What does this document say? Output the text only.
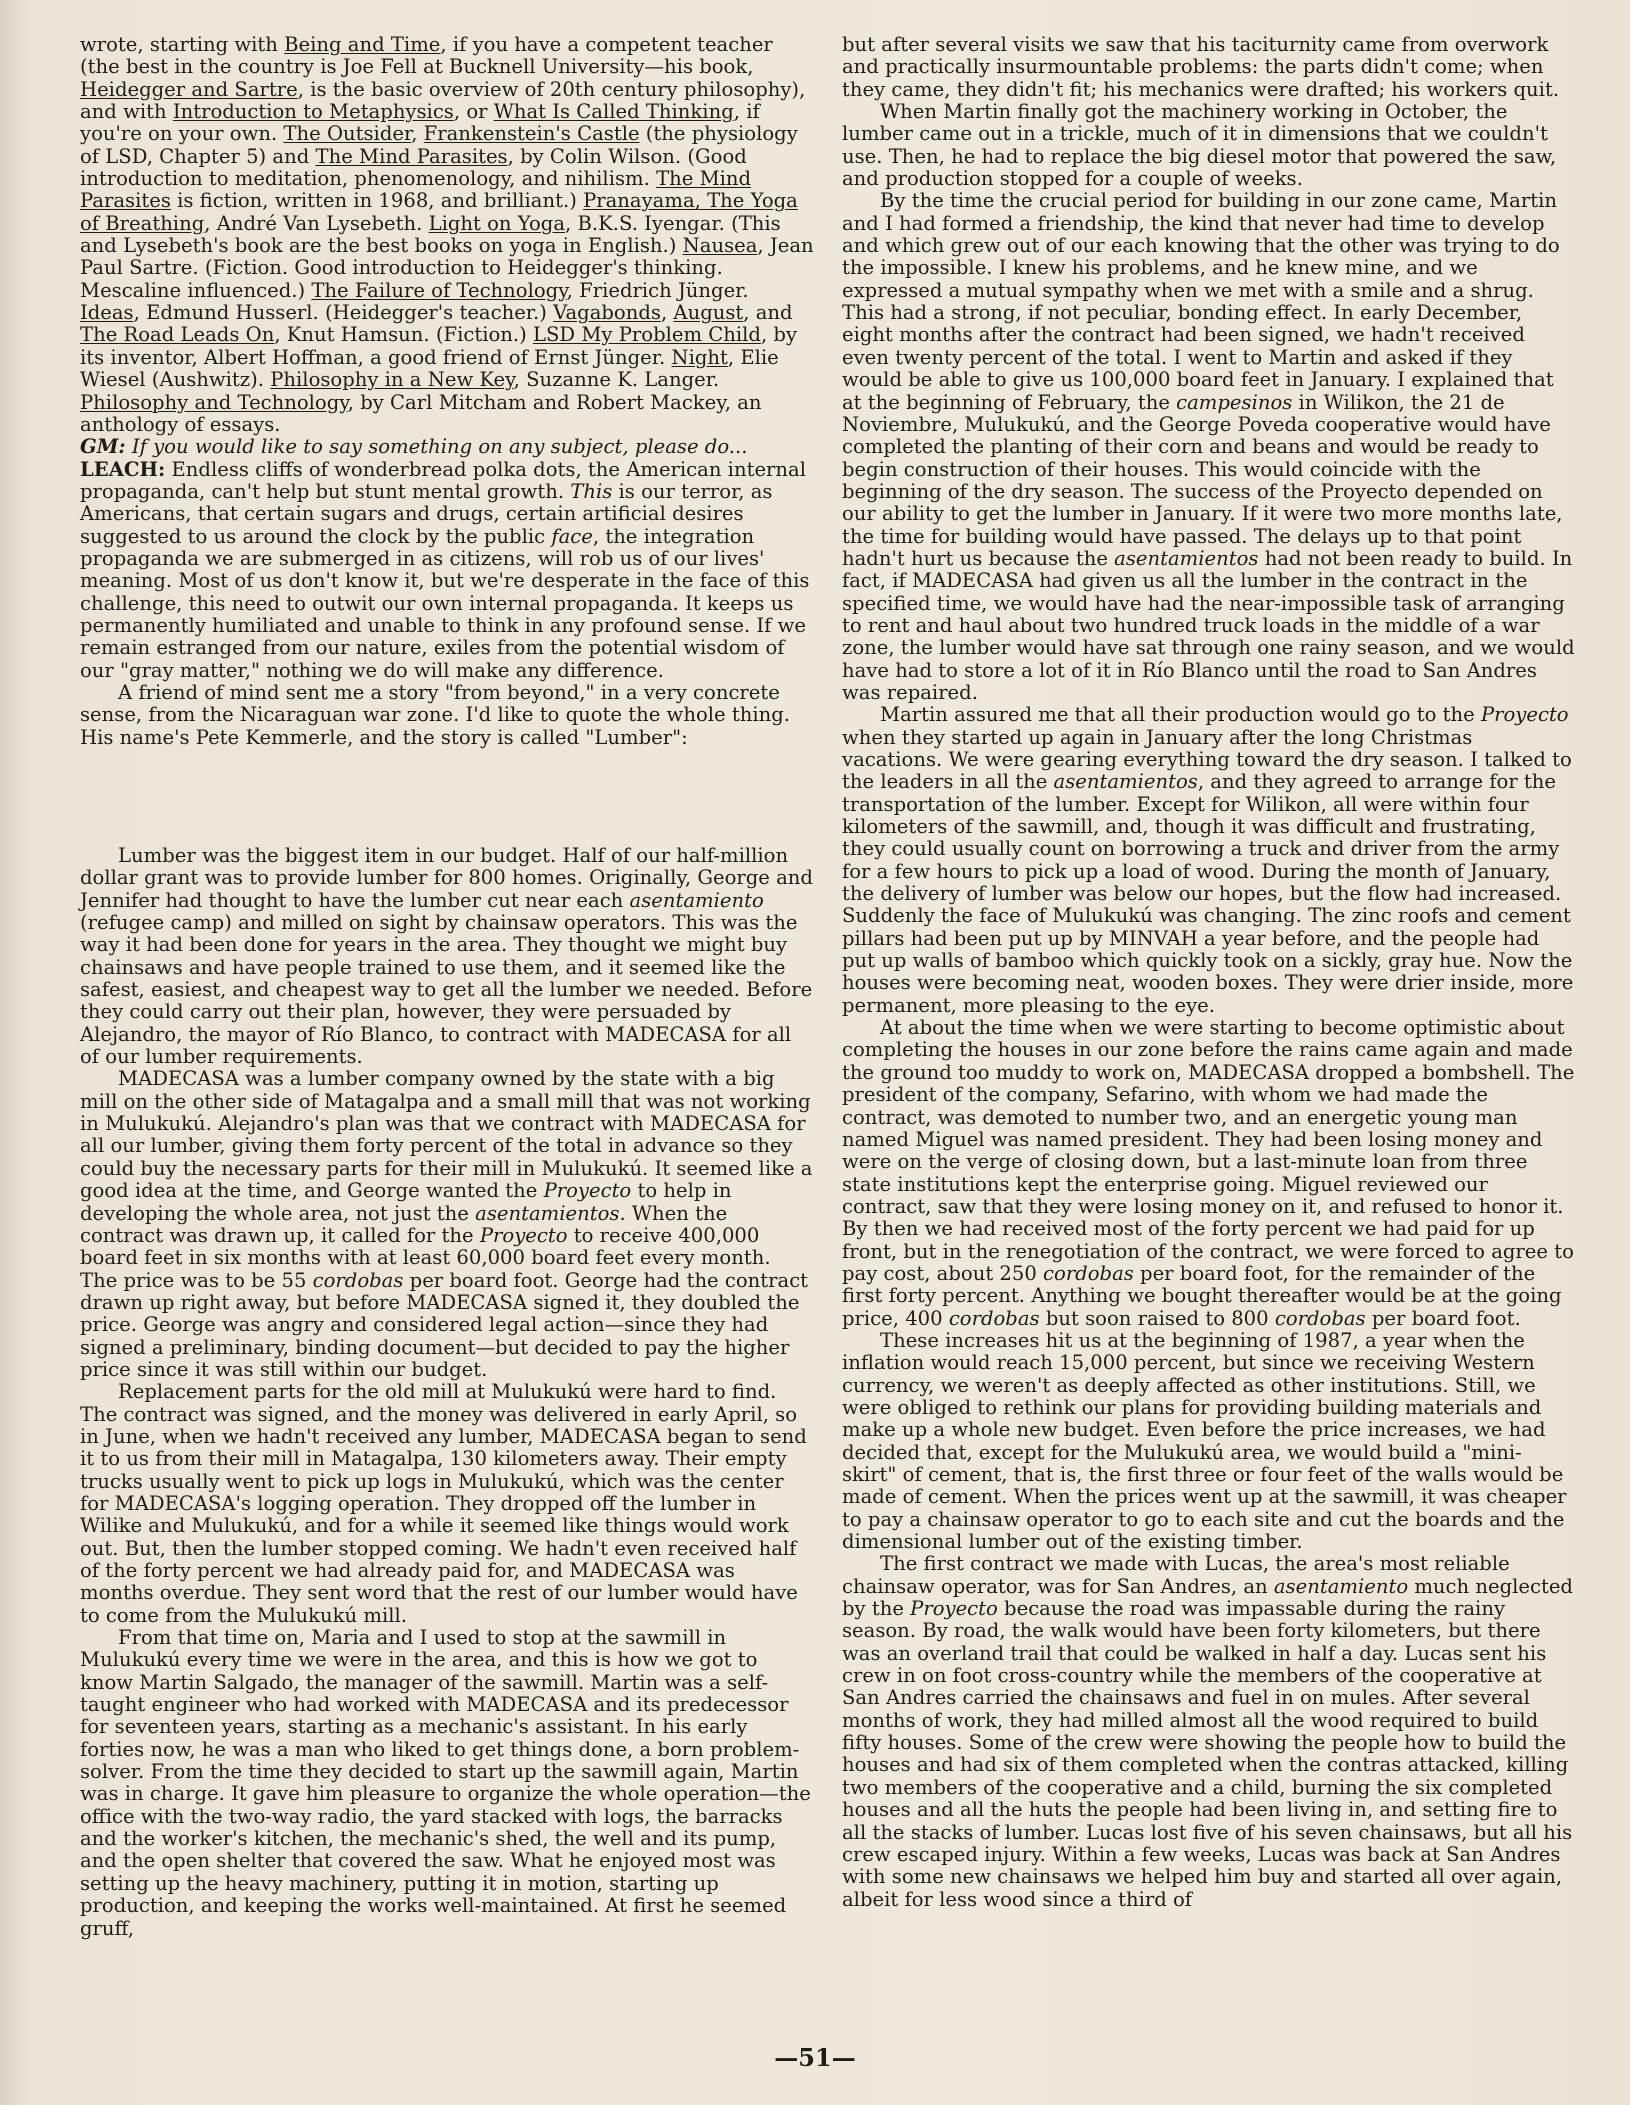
wrote, starting with Being and Time, if you have a competent teacher (the best in the country is Joe Fell at Bucknell University—his book, Heidegger and Sartre, is the basic overview of 20th century philosophy), and with Introduction to Metaphysics, or What Is Called Thinking, if you're on your own. The Outsider, Frankenstein's Castle (the physiology of LSD, Chapter 5) and The Mind Parasites, by Colin Wilson. (Good introduction to meditation, phenomenology, and nihilism. The Mind Parasites is fiction, written in 1968, and brilliant.) Pranayama, The Yoga of Breathing, André Van Lysebeth. Light on Yoga, B.K.S. Iyengar. (This and Lysebeth's book are the best books on yoga in English.) Nausea, Jean Paul Sartre. (Fiction. Good introduction to Heidegger's thinking. Mescaline influenced.) The Failure of Technology, Friedrich Jünger. Ideas, Edmund Husserl. (Heidegger's teacher.) Vagabonds, August, and The Road Leads On, Knut Hamsun. (Fiction.) LSD My Problem Child, by its inventor, Albert Hoffman, a good friend of Ernst Jünger. Night, Elie Wiesel (Aushwitz). Philosophy in a New Key, Suzanne K. Langer. Philosophy and Technology, by Carl Mitcham and Robert Mackey, an anthology of essays.

GM: If you would like to say something on any subject, please do...

LEACH: Endless cliffs of wonderbread polka dots, the American internal propaganda, can't help but stunt mental growth. This is our terror, as Americans, that certain sugars and drugs, certain artificial desires suggested to us around the clock by the public face, the integration propaganda we are submerged in as citizens, will rob us of our lives' meaning. Most of us don't know it, but we're desperate in the face of this challenge, this need to outwit our own internal propaganda. It keeps us permanently humiliated and unable to think in any profound sense. If we remain estranged from our nature, exiles from the potential wisdom of our "gray matter," nothing we do will make any difference.

A friend of mind sent me a story "from beyond," in a very concrete sense, from the Nicaraguan war zone. I'd like to quote the whole thing. His name's Pete Kemmerle, and the story is called "Lumber":

Lumber was the biggest item in our budget. Half of our half-million dollar grant was to provide lumber for 800 homes. Originally, George and Jennifer had thought to have the lumber cut near each asentamiento (refugee camp) and milled on sight by chainsaw operators. This was the way it had been done for years in the area. They thought we might buy chainsaws and have people trained to use them, and it seemed like the safest, easiest, and cheapest way to get all the lumber we needed. Before they could carry out their plan, however, they were persuaded by Alejandro, the mayor of Río Blanco, to contract with MADECASA for all of our lumber requirements.

MADECASA was a lumber company owned by the state with a big mill on the other side of Matagalpa and a small mill that was not working in Mulukukú. Alejandro's plan was that we contract with MADECASA for all our lumber, giving them forty percent of the total in advance so they could buy the necessary parts for their mill in Mulukukú. It seemed like a good idea at the time, and George wanted the Proyecto to help in developing the whole area, not just the asentamientos. When the contract was drawn up, it called for the Proyecto to receive 400,000 board feet in six months with at least 60,000 board feet every month. The price was to be 55 cordobas per board foot. George had the contract drawn up right away, but before MADECASA signed it, they doubled the price. George was angry and considered legal action—since they had signed a preliminary, binding document—but decided to pay the higher price since it was still within our budget.

Replacement parts for the old mill at Mulukukú were hard to find. The contract was signed, and the money was delivered in early April, so in June, when we hadn't received any lumber, MADECASA began to send it to us from their mill in Matagalpa, 130 kilometers away. Their empty trucks usually went to pick up logs in Mulukukú, which was the center for MADECASA's logging operation. They dropped off the lumber in Wilike and Mulukukú, and for a while it seemed like things would work out. But, then the lumber stopped coming. We hadn't even received half of the forty percent we had already paid for, and MADECASA was months overdue. They sent word that the rest of our lumber would have to come from the Mulukukú mill.

From that time on, Maria and I used to stop at the sawmill in Mulukukú every time we were in the area, and this is how we got to know Martin Salgado, the manager of the sawmill. Martin was a self-taught engineer who had worked with MADECASA and its predecessor for seventeen years, starting as a mechanic's assistant. In his early forties now, he was a man who liked to get things done, a born problem-solver. From the time they decided to start up the sawmill again, Martin was in charge. It gave him pleasure to organize the whole operation—the office with the two-way radio, the yard stacked with logs, the barracks and the worker's kitchen, the mechanic's shed, the well and its pump, and the open shelter that covered the saw. What he enjoyed most was setting up the heavy machinery, putting it in motion, starting up production, and keeping the works well-maintained. At first he seemed gruff,

but after several visits we saw that his taciturnity came from overwork and practically insurmountable problems: the parts didn't come; when they came, they didn't fit; his mechanics were drafted; his workers quit.

When Martin finally got the machinery working in October, the lumber came out in a trickle, much of it in dimensions that we couldn't use. Then, he had to replace the big diesel motor that powered the saw, and production stopped for a couple of weeks.

By the time the crucial period for building in our zone came, Martin and I had formed a friendship, the kind that never had time to develop and which grew out of our each knowing that the other was trying to do the impossible. I knew his problems, and he knew mine, and we expressed a mutual sympathy when we met with a smile and a shrug. This had a strong, if not peculiar, bonding effect. In early December, eight months after the contract had been signed, we hadn't received even twenty percent of the total. I went to Martin and asked if they would be able to give us 100,000 board feet in January. I explained that at the beginning of February, the campesinos in Wilikon, the 21 de Noviembre, Mulukukú, and the George Poveda cooperative would have completed the planting of their corn and beans and would be ready to begin construction of their houses. This would coincide with the beginning of the dry season. The success of the Proyecto depended on our ability to get the lumber in January. If it were two more months late, the time for building would have passed. The delays up to that point hadn't hurt us because the asentamientos had not been ready to build. In fact, if MADECASA had given us all the lumber in the contract in the specified time, we would have had the near-impossible task of arranging to rent and haul about two hundred truck loads in the middle of a war zone, the lumber would have sat through one rainy season, and we would have had to store a lot of it in Río Blanco until the road to San Andres was repaired.

Martin assured me that all their production would go to the Proyecto when they started up again in January after the long Christmas vacations. We were gearing everything toward the dry season. I talked to the leaders in all the asentamientos, and they agreed to arrange for the transportation of the lumber. Except for Wilikon, all were within four kilometers of the sawmill, and, though it was difficult and frustrating, they could usually count on borrowing a truck and driver from the army for a few hours to pick up a load of wood. During the month of January, the delivery of lumber was below our hopes, but the flow had increased. Suddenly the face of Mulukukú was changing. The zinc roofs and cement pillars had been put up by MINVAH a year before, and the people had put up walls of bamboo which quickly took on a sickly, gray hue. Now the houses were becoming neat, wooden boxes. They were drier inside, more permanent, more pleasing to the eye.

At about the time when we were starting to become optimistic about completing the houses in our zone before the rains came again and made the ground too muddy to work on, MADECASA dropped a bombshell. The president of the company, Sefarino, with whom we had made the contract, was demoted to number two, and an energetic young man named Miguel was named president. They had been losing money and were on the verge of closing down, but a last-minute loan from three state institutions kept the enterprise going. Miguel reviewed our contract, saw that they were losing money on it, and refused to honor it. By then we had received most of the forty percent we had paid for up front, but in the renegotiation of the contract, we were forced to agree to pay cost, about 250 cordobas per board foot, for the remainder of the first forty percent. Anything we bought thereafter would be at the going price, 400 cordobas but soon raised to 800 cordobas per board foot.

These increases hit us at the beginning of 1987, a year when the inflation would reach 15,000 percent, but since we receiving Western currency, we weren't as deeply affected as other institutions. Still, we were obliged to rethink our plans for providing building materials and make up a whole new budget. Even before the price increases, we had decided that, except for the Mulukukú area, we would build a "mini-skirt" of cement, that is, the first three or four feet of the walls would be made of cement. When the prices went up at the sawmill, it was cheaper to pay a chainsaw operator to go to each site and cut the boards and the dimensional lumber out of the existing timber.

The first contract we made with Lucas, the area's most reliable chainsaw operator, was for San Andres, an asentamiento much neglected by the Proyecto because the road was impassable during the rainy season. By road, the walk would have been forty kilometers, but there was an overland trail that could be walked in half a day. Lucas sent his crew in on foot cross-country while the members of the cooperative at San Andres carried the chainsaws and fuel in on mules. After several months of work, they had milled almost all the wood required to build fifty houses. Some of the crew were showing the people how to build the houses and had six of them completed when the contras attacked, killing two members of the cooperative and a child, burning the six completed houses and all the huts the people had been living in, and setting fire to all the stacks of lumber. Lucas lost five of his seven chainsaws, but all his crew escaped injury. Within a few weeks, Lucas was back at San Andres with some new chainsaws we helped him buy and started all over again, albeit for less wood since a third of

—51—
